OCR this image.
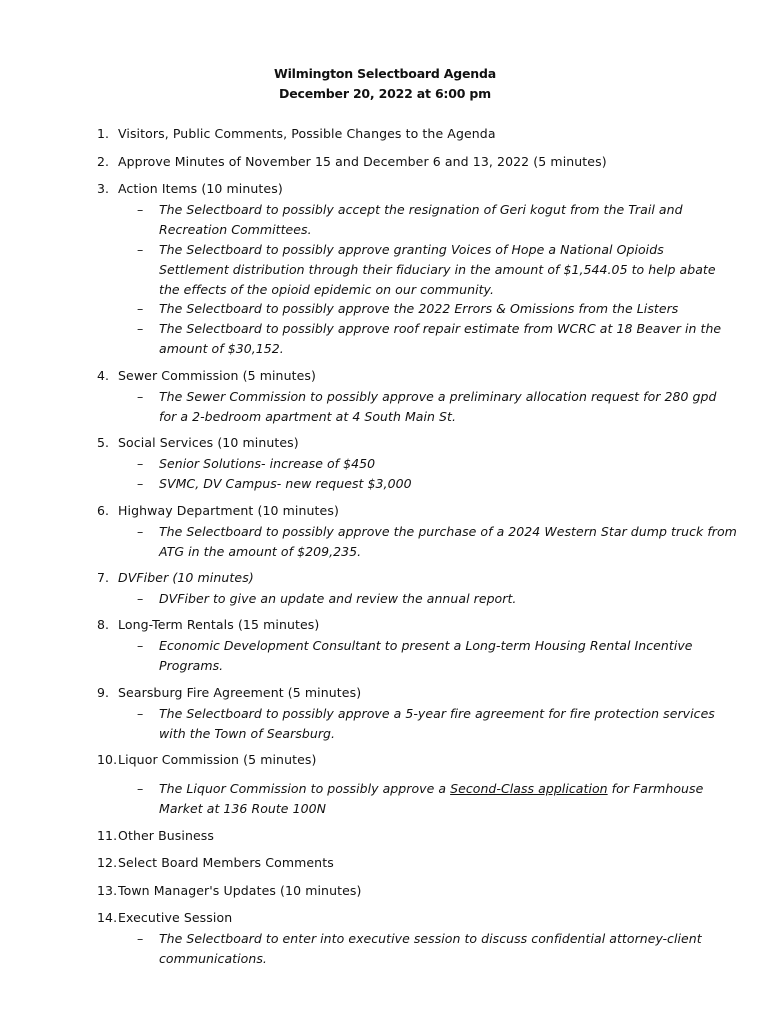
Wilmington Selectboard Agenda
December 20, 2022 at 6:00 pm
1. Visitors, Public Comments, Possible Changes to the Agenda
2. Approve Minutes of November 15 and December 6 and 13, 2022 (5 minutes)
3. Action Items (10 minutes)
– The Selectboard to possibly accept the resignation of Geri kogut from the Trail and Recreation Committees.
– The Selectboard to possibly approve granting Voices of Hope a National Opioids Settlement distribution through their fiduciary in the amount of $1,544.05 to help abate the effects of the opioid epidemic on our community.
– The Selectboard to possibly approve the 2022 Errors & Omissions from the Listers
– The Selectboard to possibly approve roof repair estimate from WCRC at 18 Beaver in the amount of $30,152.
4. Sewer Commission (5 minutes)
– The Sewer Commission to possibly approve a preliminary allocation request for 280 gpd for a 2-bedroom apartment at 4 South Main St.
5. Social Services (10 minutes)
– Senior Solutions- increase of $450
– SVMC, DV Campus- new request $3,000
6. Highway Department (10 minutes)
– The Selectboard to possibly approve the purchase of a 2024 Western Star dump truck from ATG in the amount of $209,235.
7. DVFiber (10 minutes)
– DVFiber to give an update and review the annual report.
8. Long-Term Rentals (15 minutes)
– Economic Development Consultant to present a Long-term Housing Rental Incentive Programs.
9. Searsburg Fire Agreement (5 minutes)
– The Selectboard to possibly approve a 5-year fire agreement for fire protection services with the Town of Searsburg.
10.Liquor Commission (5 minutes)
– The Liquor Commission to possibly approve a Second-Class application for Farmhouse Market at 136 Route 100N
11.Other Business
12.Select Board Members Comments
13.Town Manager's Updates (10 minutes)
14.Executive Session
– The Selectboard to enter into executive session to discuss confidential attorney-client communications.
